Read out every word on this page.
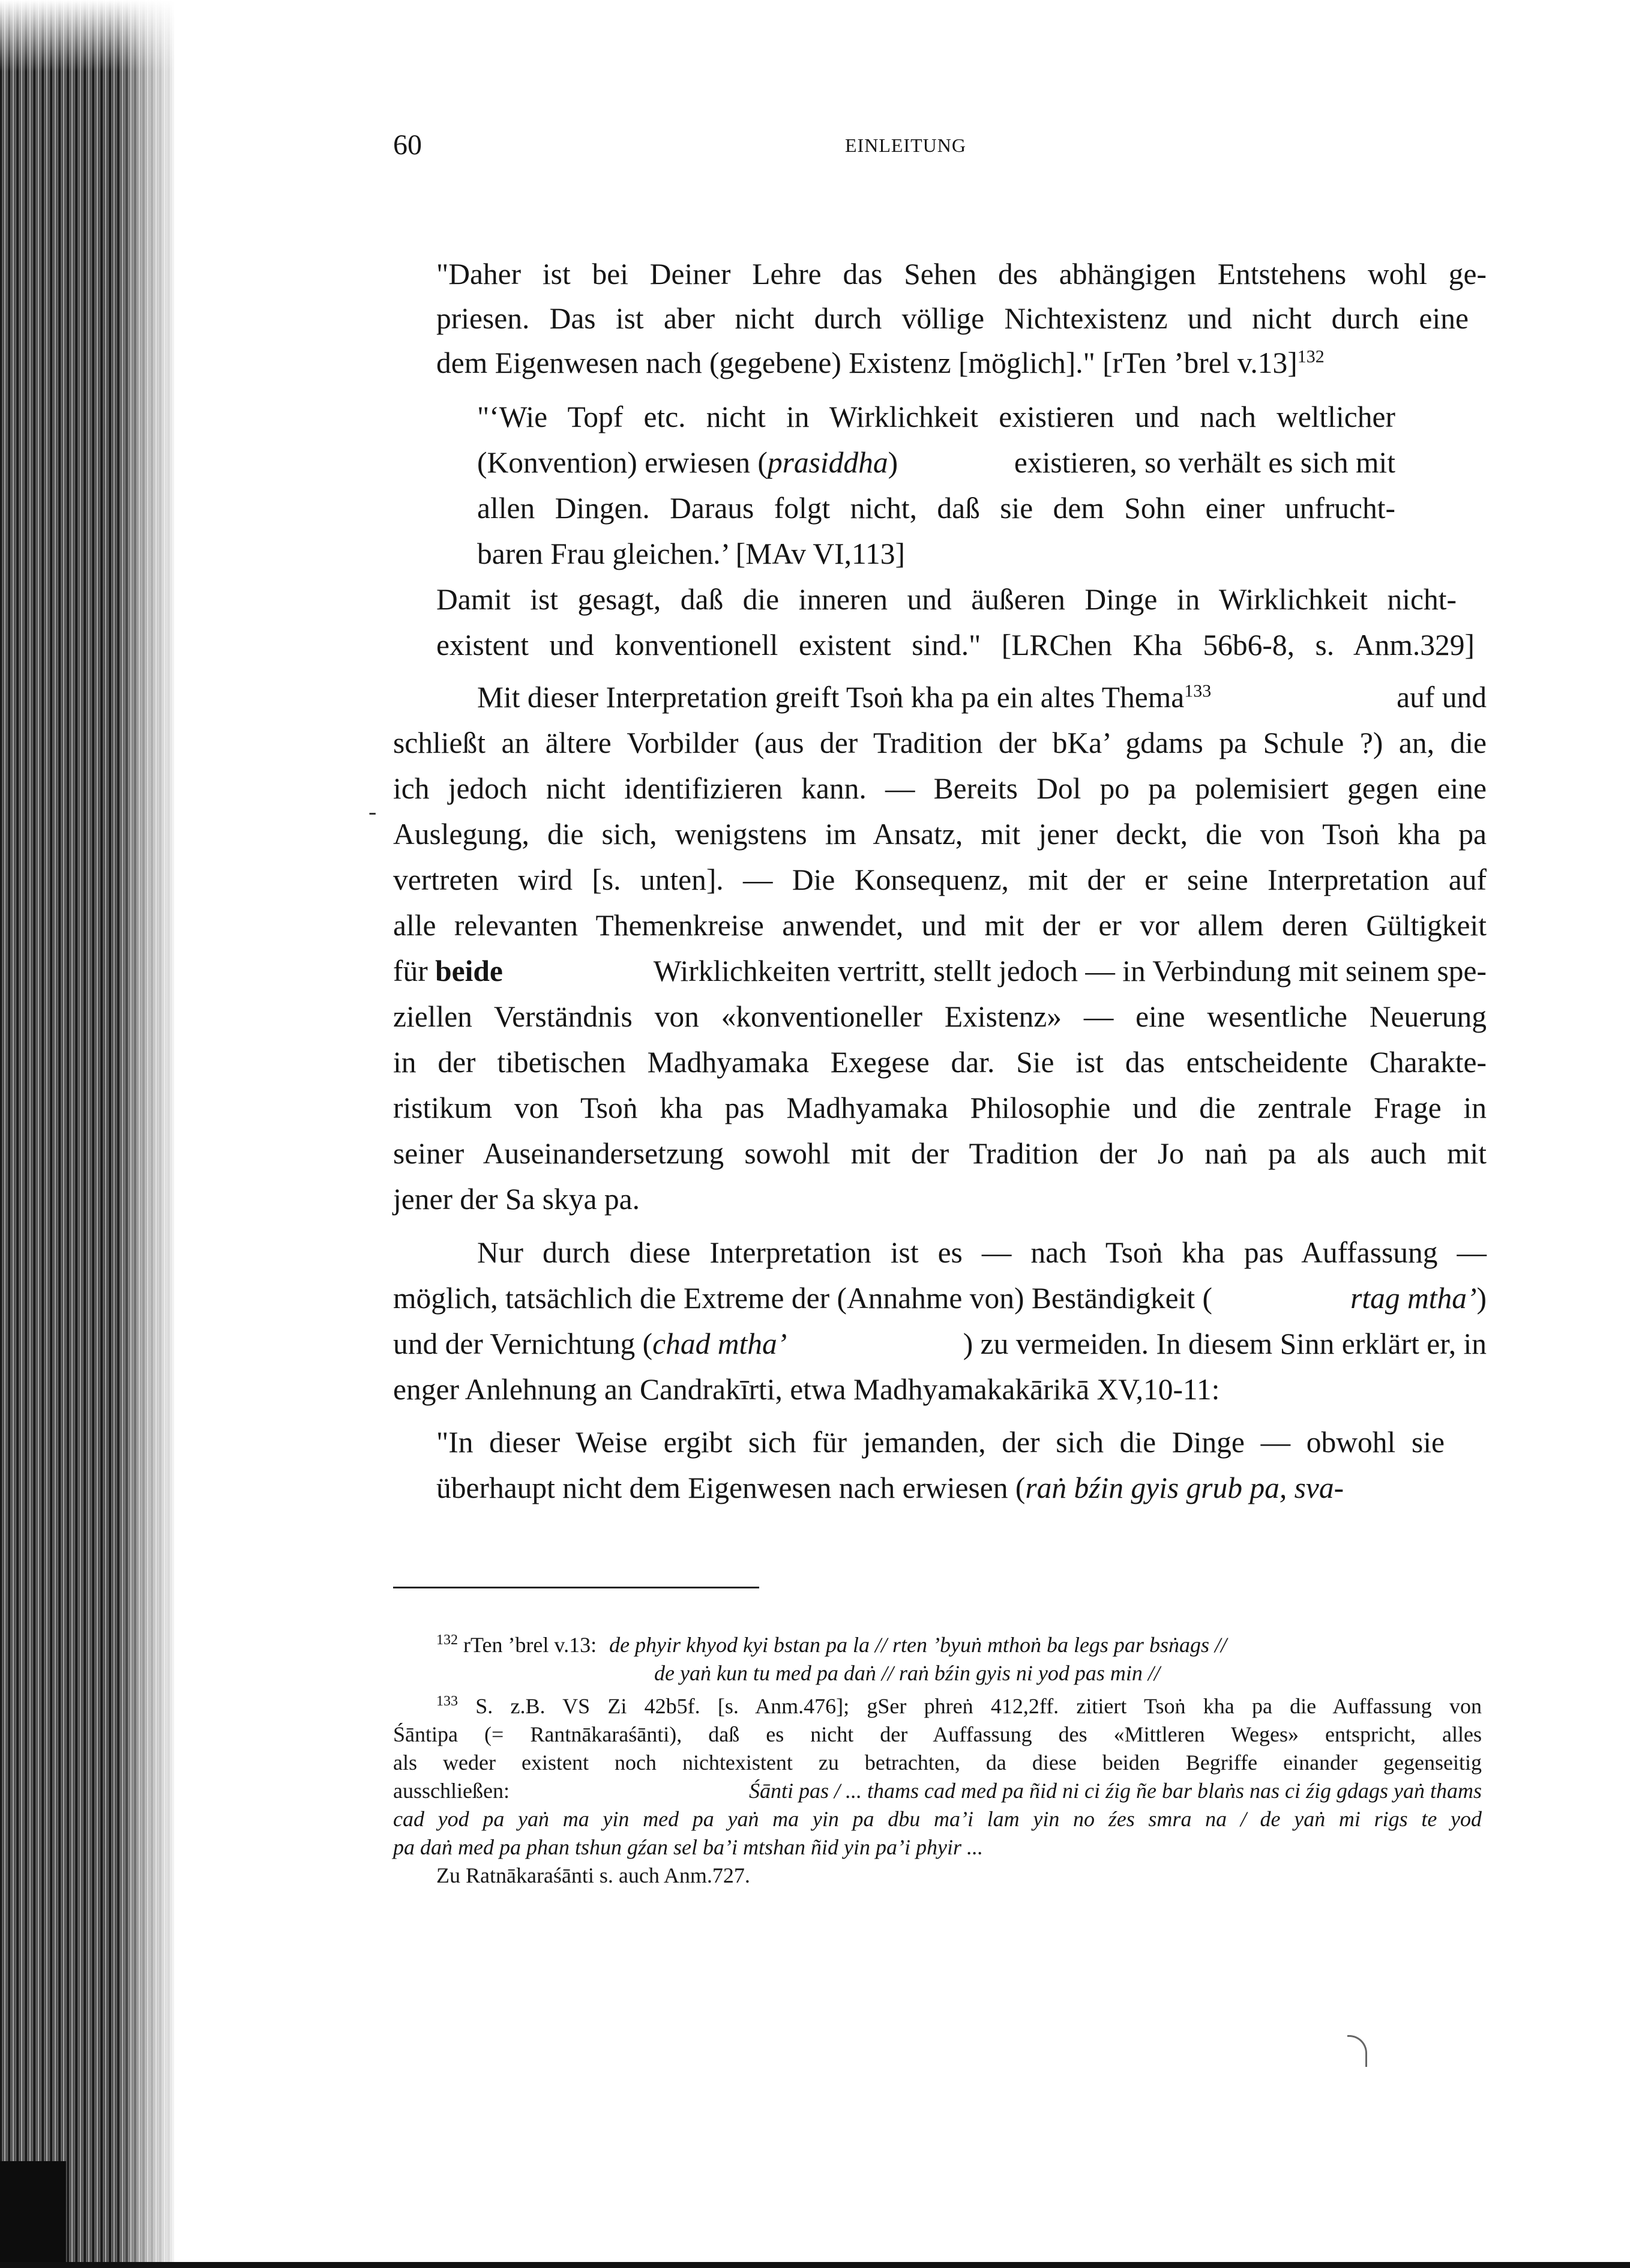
60	EINLEITUNG
"Daher ist bei Deiner Lehre das Sehen des abhängigen Entstehens wohl ge-
priesen. Das ist aber nicht durch völlige Nichtexistenz und nicht durch eine
dem Eigenwesen nach (gegebene) Existenz [möglich]." [rTen ’brel v.13]$^{132}$
"‘Wie Topf etc. nicht in Wirklichkeit existieren und nach weltlicher
(Konvention) erwiesen (prasiddha)	existieren, so verhält es sich mit
allen Dingen. Daraus folgt nicht, daß sie dem Sohn einer unfrucht-
baren Frau gleichen.’ [MAv VI,113]
Damit ist gesagt, daß die inneren und äußeren Dinge in Wirklichkeit nicht-
existent und konventionell existent sind." [LRChen Kha 56b6-8, s. Anm.329]
Mit dieser Interpretation greift Tsoṅ kha pa ein altes Thema$^{133}$	auf und
schließt an ältere Vorbilder (aus der Tradition der bKa’ gdams pa Schule ?) an, die
ich jedoch nicht identifizieren kann. — Bereits Dol po pa polemisiert gegen eine
Auslegung, die sich, wenigstens im Ansatz, mit jener deckt, die von Tsoṅ kha pa
vertreten wird [s. unten]. — Die Konsequenz, mit der er seine Interpretation auf
alle relevanten Themenkreise anwendet, und mit der er vor allem deren Gültigkeit
für beide	Wirklichkeiten vertritt, stellt jedoch — in Verbindung mit seinem spe-
ziellen Verständnis von «konventioneller Existenz» — eine wesentliche Neuerung
in der tibetischen Madhyamaka Exegese dar. Sie ist das entscheidente Charakte-
ristikum von Tsoṅ kha pas Madhyamaka Philosophie und die zentrale Frage in
seiner Auseinandersetzung sowohl mit der Tradition der Jo naṅ pa als auch mit
jener der Sa skya pa.
Nur durch diese Interpretation ist es — nach Tsoṅ kha pas Auffassung —
möglich, tatsächlich die Extreme der (Annahme von) Beständigkeit (	rtag mtha’)
und der Vernichtung (chad mtha’	) zu vermeiden. In diesem Sinn erklärt er, in
enger Anlehnung an Candrakīrti, etwa Madhyamakakārikā XV,10-11:
"In dieser Weise ergibt sich für jemanden, der sich die Dinge — obwohl sie
überhaupt nicht dem Eigenwesen nach erwiesen (raṅ bźin gyis grub pa, sva-
$^{132}$ rTen ’brel v.13: de phyir khyod kyi bstan pa la // rten ’byuṅ mthoṅ ba legs par bsṅags //
de yaṅ kun tu med pa daṅ // raṅ bźin gyis ni yod pas min //
$^{133}$ S. z.B. VS Zi 42b5f. [s. Anm.476]; gSer phreṅ 412,2ff. zitiert Tsoṅ kha pa die Auffassung von
Śāntipa (= Rantnākaraśānti), daß es nicht der Auffassung des «Mittleren Weges» entspricht, alles
als weder existent noch nichtexistent zu betrachten, da diese beiden Begriffe einander gegenseitig
ausschließen:	Śānti pas / ... thams cad med pa ñid ni ci źig ñe bar blaṅs nas ci źig gdags yaṅ thams
cad yod pa yaṅ ma yin med pa yaṅ ma yin pa dbu ma’i lam yin no źes smra na / de yaṅ mi rigs te yod
pa daṅ med pa phan tshun gźan sel ba’i mtshan ñid yin pa’i phyir ...
Zu Ratnākaraśānti s. auch Anm.727.
-
